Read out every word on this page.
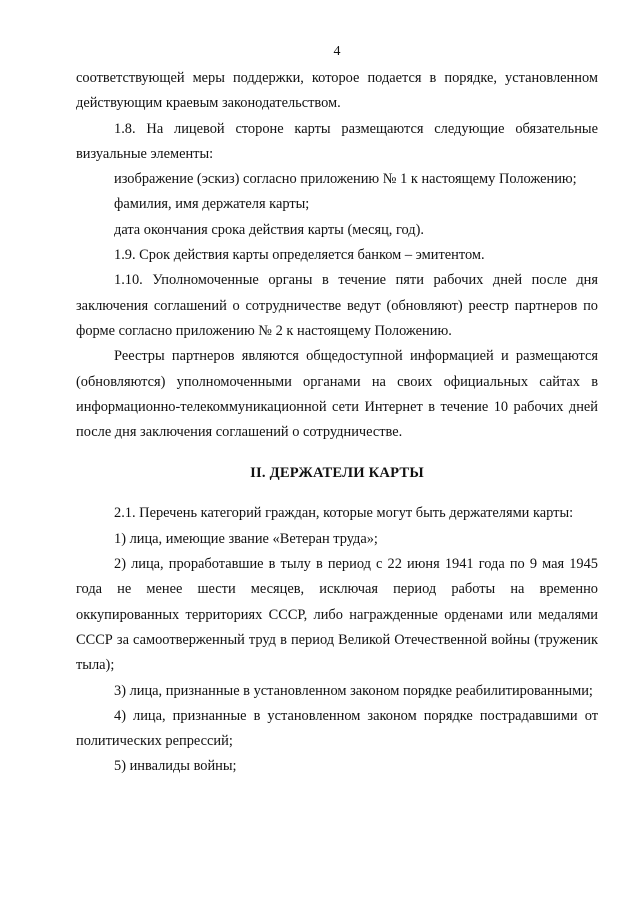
4

соответствующей меры поддержки, которое подается в порядке, установленном действующим краевым законодательством.

1.8. На лицевой стороне карты размещаются следующие обязательные визуальные элементы:

изображение (эскиз) согласно приложению № 1 к настоящему Положению;

фамилия, имя держателя карты;

дата окончания срока действия карты (месяц, год).

1.9. Срок действия карты определяется банком – эмитентом.

1.10. Уполномоченные органы в течение пяти рабочих дней после дня заключения соглашений о сотрудничестве ведут (обновляют) реестр партнеров по форме согласно приложению № 2 к настоящему Положению.

Реестры партнеров являются общедоступной информацией и размещаются (обновляются) уполномоченными органами на своих официальных сайтах в информационно-телекоммуникационной сети Интернет в течение 10 рабочих дней после дня заключения соглашений о сотрудничестве.

II. ДЕРЖАТЕЛИ КАРТЫ

2.1. Перечень категорий граждан, которые могут быть держателями карты:

1) лица, имеющие звание «Ветеран труда»;

2) лица, проработавшие в тылу в период с 22 июня 1941 года по 9 мая 1945 года не менее шести месяцев, исключая период работы на временно оккупированных территориях СССР, либо награжденные орденами или медалями СССР за самоотверженный труд в период Великой Отечественной войны (труженик тыла);

3) лица, признанные в установленном законом порядке реабилитированными;

4) лица, признанные в установленном законом порядке пострадавшими от политических репрессий;

5) инвалиды войны;
